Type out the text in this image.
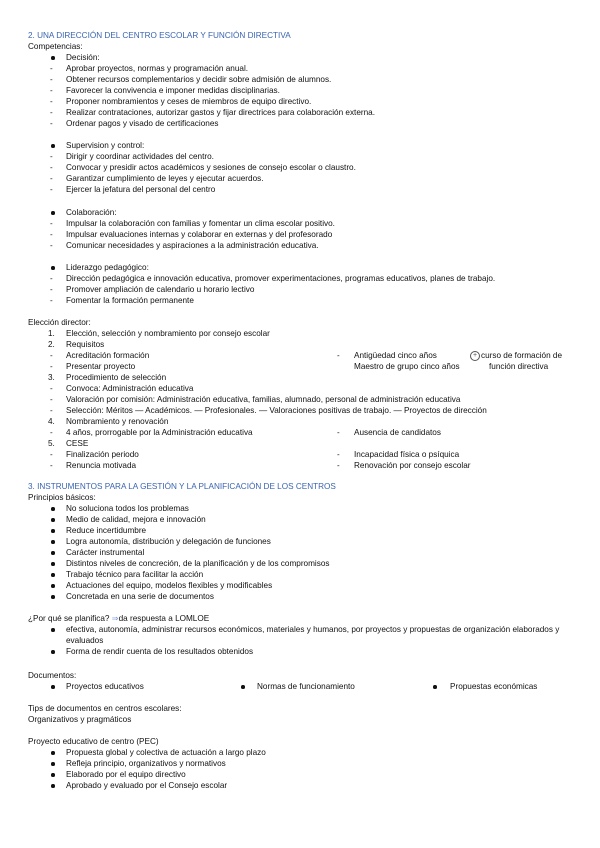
2. UNA DIRECCIÓN DEL CENTRO ESCOLAR Y FUNCIÓN DIRECTIVA
Competencias:
Decisión:
- Aprobar proyectos, normas y programación anual.
- Obtener recursos complementarios y decidir sobre admisión de alumnos.
- Favorecer la convivencia e imponer medidas disciplinarias.
- Proponer nombramientos y ceses de miembros de equipo directivo.
- Realizar contrataciones, autorizar gastos y fijar directrices para colaboración externa.
- Ordenar pagos y visado de certificaciones
Supervision y control:
- Dirigir y coordinar actividades del centro.
- Convocar y presidir actos académicos y sesiones de consejo escolar o claustro.
- Garantizar cumplimiento de leyes y ejecutar acuerdos.
- Ejercer la jefatura del personal del centro
Colaboración:
- Impulsar la colaboración con familias y fomentar un clima escolar positivo.
- Impulsar evaluaciones internas y colaborar en externas y del profesorado
- Comunicar necesidades y aspiraciones a la administración educativa.
Liderazgo pedagógico:
- Dirección pedagógica e innovación educativa, promover experimentaciones, programas educativos, planes de trabajo.
- Promover ampliación de calendario u horario lectivo
- Fomentar la formación permanente
Elección director:
1. Elección, selección y nombramiento por consejo escolar
2. Requisitos
- Acreditación formación	- Antigüedad cinco años	+ curso de formación de
- Presentar proyecto	Maestro de grupo cinco años	función directiva
3. Procedimiento de selección
- Convoca: Administración educativa
- Valoración por comisión: Administración educativa, familias, alumnado, personal de administración educativa
- Selección: Méritos — Académicos. — Profesionales. — Valoraciones positivas de trabajo. — Proyectos de dirección
4. Nombramiento y renovación
- 4 años, prorrogable por la Administración educativa	- Ausencia de candidatos
5. CESE
- Finalización periodo	- Incapacidad física o psíquica
- Renuncia motivada	- Renovación por consejo escolar
3. INSTRUMENTOS PARA LA GESTIÓN Y LA PLANIFICACIÓN DE LOS CENTROS
Principios básicos:
No soluciona todos los problemas
Medio de calidad, mejora e innovación
Reduce incertidumbre
Logra autonomía, distribución y delegación de funciones
Carácter instrumental
Distintos niveles de concreción, de la planificación y de los compromisos
Trabajo técnico para facilitar la acción
Actuaciones del equipo, modelos flexibles y modificables
Concretada en una serie de documentos
¿Por qué se planifica? ⇒da respuesta a LOMLOE
efectiva, autonomía, administrar recursos económicos, materiales y humanos, por proyectos y propuestas de organización elaborados y
evaluados
Forma de rendir cuenta de los resultados obtenidos
Documentos:
Proyectos educativos	Normas de funcionamiento	Propuestas económicas
Tips de documentos en centros escolares:
Organizativos y pragmáticos
Proyecto educativo de centro (PEC)
Propuesta global y colectiva de actuación a largo plazo
Refleja principio, organizativos y normativos
Elaborado por el equipo directivo
Aprobado y evaluado por el Consejo escolar
